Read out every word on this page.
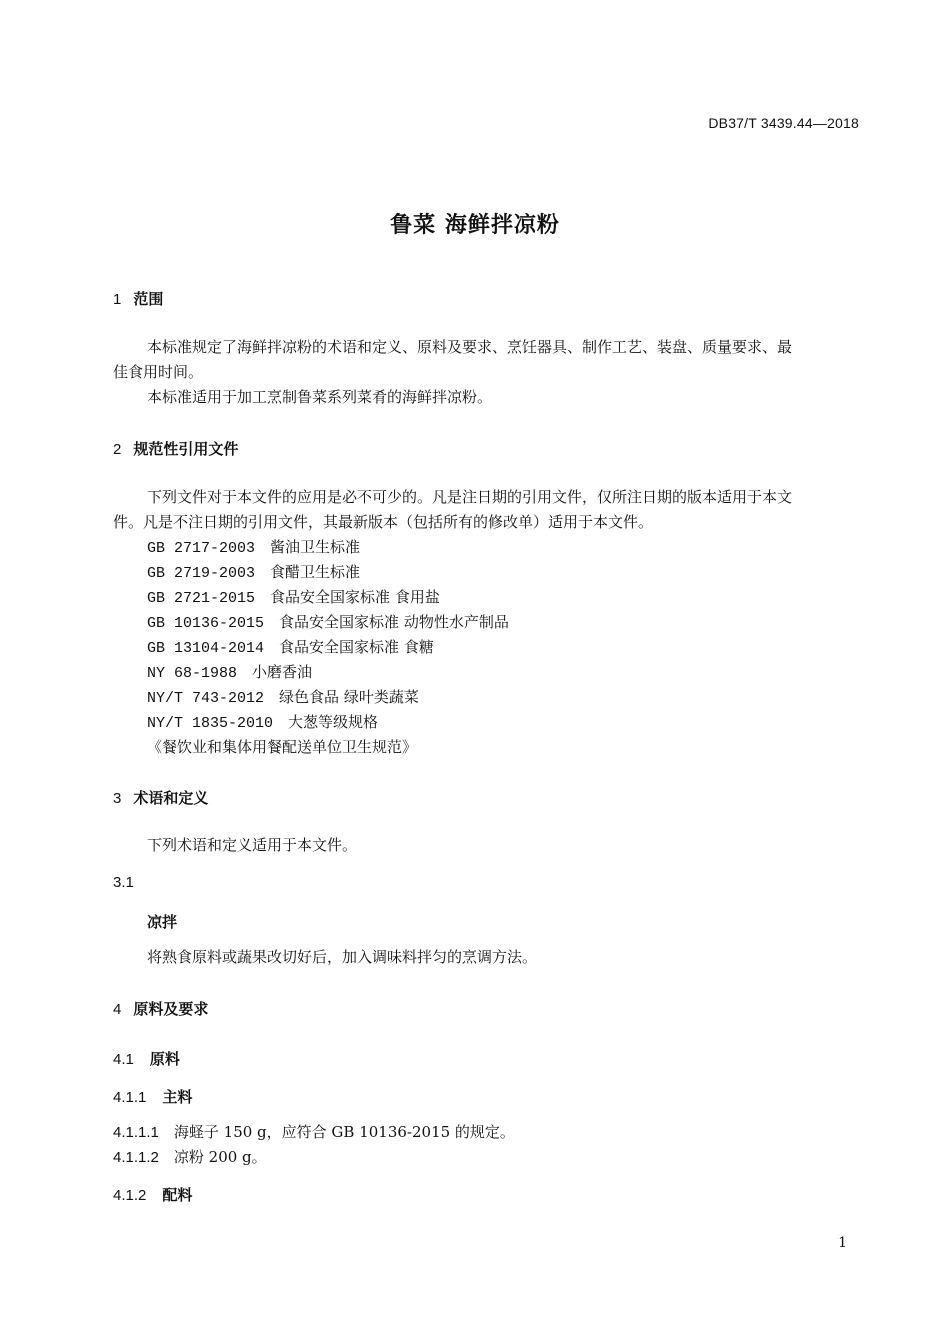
DB37/T 3439.44—2018
鲁菜 海鲜拌凉粉
1 范围
本标准规定了海鲜拌凉粉的术语和定义、原料及要求、烹饪器具、制作工艺、装盘、质量要求、最
佳食用时间。
本标准适用于加工烹制鲁菜系列菜肴的海鲜拌凉粉。
2 规范性引用文件
下列文件对于本文件的应用是必不可少的。凡是注日期的引用文件，仅所注日期的版本适用于本文
件。凡是不注日期的引用文件，其最新版本（包括所有的修改单）适用于本文件。
GB 2717-2003　 酱油卫生标准
GB 2719-2003　 食醋卫生标准
GB 2721-2015　 食品安全国家标准 食用盐
GB 10136-2015　 食品安全国家标准 动物性水产制品
GB 13104-2014　 食品安全国家标准 食糖
NY 68-1988　 小磨香油
NY/T 743-2012　 绿色食品 绿叶类蔬菜
NY/T 1835-2010　 大葱等级规格
《餐饮业和集体用餐配送单位卫生规范》
3 术语和定义
下列术语和定义适用于本文件。
3.1
凉拌
将熟食原料或蔬果改切好后，加入调味料拌匀的烹调方法。
4 原料及要求
4.1 原料
4.1.1 主料
4.1.1.1　 海蛏子 150 g，应符合 GB 10136-2015 的规定。
4.1.1.2　 凉粉 200 g。
4.1.2 配料
1
